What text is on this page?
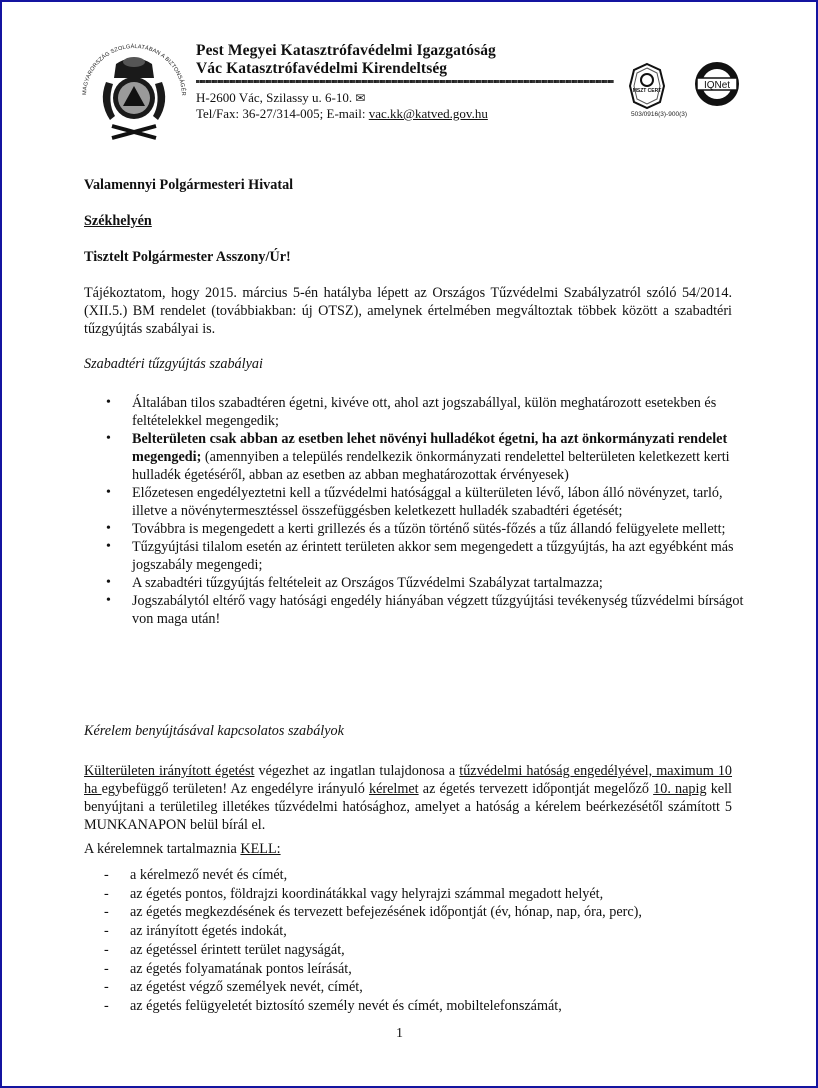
MAGYARORSZÁG SZOLGÁLATÁBAN A BIZTONSÁGÉR
Pest Megyei Katasztrófavédelmi Igazgatóság
Vác Katasztrófavédelmi Kirendeltség
H-2600 Vác, Szilassy u. 6-10. ✉
Tel/Fax: 36-27/314-005; E-mail: vac.kk@katved.gov.hu
MSZT CERT	IQNet
503/0916(3)-900(3)
Valamennyi Polgármesteri Hivatal
Székhelyén
Tisztelt Polgármester Asszony/Úr!
Tájékoztatom, hogy 2015. március 5-én hatályba lépett az Országos Tűzvédelmi Szabályzatról szóló 54/2014. (XII.5.) BM rendelet (továbbiakban: új OTSZ), amelynek értelmében megváltoztak többek között a szabadtéri tűzgyújtás szabályai is.
Szabadtéri tűzgyújtás szabályai
• Általában tilos szabadtéren égetni, kivéve ott, ahol azt jogszabállyal, külön meghatározott esetekben és feltételekkel megengedik;
• Belterületen csak abban az esetben lehet növényi hulladékot égetni, ha azt önkormányzati rendelet megengedi; (amennyiben a település rendelkezik önkormányzati rendelettel belterületen keletkezett kerti hulladék égetéséről, abban az esetben az abban meghatározottak érvényesek)
• Előzetesen engedélyeztetni kell a tűzvédelmi hatósággal a külterületen lévő, lábon álló növényzet, tarló, illetve a növénytermesztéssel összefüggésben keletkezett hulladék szabadtéri égetését;
• Továbbra is megengedett a kerti grillezés és a tűzön történő sütés-főzés a tűz állandó felügyelete mellett;
• Tűzgyújtási tilalom esetén az érintett területen akkor sem megengedett a tűzgyújtás, ha azt egyébként más jogszabály megengedi;
• A szabadtéri tűzgyújtás feltételeit az Országos Tűzvédelmi Szabályzat tartalmazza;
• Jogszabálytól eltérő vagy hatósági engedély hiányában végzett tűzgyújtási tevékenység tűzvédelmi bírságot von maga után!
Kérelem benyújtásával kapcsolatos szabályok
Külterületen irányított égetést végezhet az ingatlan tulajdonosa a tűzvédelmi hatóság engedélyével, maximum 10 ha egybefüggő területen! Az engedélyre irányuló kérelmet az égetés tervezett időpontját megelőző 10. napig kell benyújtani a területileg illetékes tűzvédelmi hatósághoz, amelyet a hatóság a kérelem beérkezésétől számított 5 MUNKANAPON belül bírál el.
A kérelemnek tartalmaznia KELL:
- a kérelmező nevét és címét,
- az égetés pontos, földrajzi koordinátákkal vagy helyrajzi számmal megadott helyét,
- az égetés megkezdésének és tervezett befejezésének időpontját (év, hónap, nap, óra, perc),
- az irányított égetés indokát,
- az égetéssel érintett terület nagyságát,
- az égetés folyamatának pontos leírását,
- az égetést végző személyek nevét, címét,
- az égetés felügyeletét biztosító személy nevét és címét, mobiltelefonszámát,
1
